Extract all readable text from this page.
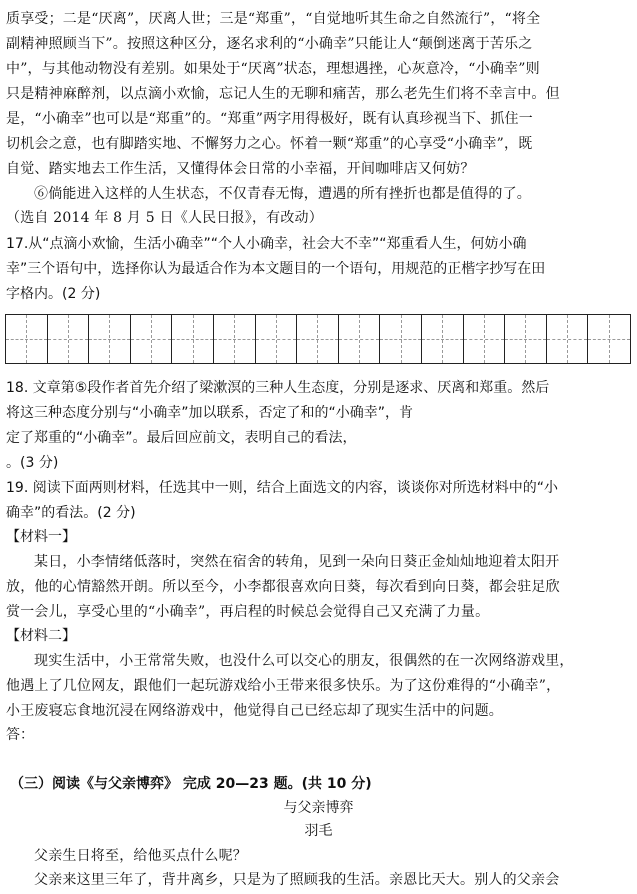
质享受；二是“厌离”，厌离人世；三是“郑重”，“自觉地听其生命之自然流行”，“将全
副精神照顾当下”。按照这种区分，逐名求利的“小确幸”只能让人“颠倒迷离于苦乐之
中”，与其他动物没有差别。如果处于“厌离”状态，理想遇挫，心灰意冷，“小确幸”则
只是精神麻醉剂，以点滴小欢愉，忘记人生的无聊和痛苦，那么老先生们将不幸言中。但
是，“小确幸”也可以是“郑重”的。“郑重”两字用得极好，既有认真珍视当下、抓住一
切机会之意，也有脚踏实地、不懈努力之心。怀着一颗“郑重”的心享受“小确幸”，既
自觉、踏实地去工作生活，又懂得体会日常的小幸福，开间咖啡店又何妨？
⑥倘能进入这样的人生状态，不仅青春无悔，遭遇的所有挫折也都是值得的了。
（选自 2014 年 8 月 5 日《人民日报》，有改动）
17.从“点滴小欢愉，生活小确幸”“个人小确幸，社会大不幸”“郑重看人生，何妨小确
幸”三个语句中，选择你认为最适合作为本文题目的一个语句，用规范的正楷字抄写在田
字格内。(2 分)
18. 文章第⑤段作者首先介绍了梁漱溟的三种人生态度，分别是逐求、厌离和郑重。然后
将这三种态度分别与“小确幸”加以联系，否定了和的“小确幸”，肯
定了郑重的“小确幸”。最后回应前文，表明自己的看法，
。(3 分)
19. 阅读下面两则材料，任选其中一则，结合上面选文的内容，谈谈你对所选材料中的“小
确幸”的看法。(2 分)
【材料一】
某日，小李情绪低落时，突然在宿舍的转角，见到一朵向日葵正金灿灿地迎着太阳开
放，他的心情豁然开朗。所以至今，小李都很喜欢向日葵，每次看到向日葵，都会驻足欣
赏一会儿，享受心里的“小确幸”，再启程的时候总会觉得自己又充满了力量。
【材料二】
现实生活中，小王常常失败，也没什么可以交心的朋友，很偶然的在一次网络游戏里，
他遇上了几位网友，跟他们一起玩游戏给小王带来很多快乐。为了这份难得的“小确幸”，
小王废寝忘食地沉浸在网络游戏中，他觉得自己已经忘却了现实生活中的问题。
答：
（三）阅读《与父亲博弈》 完成 20—23 题。(共 10 分)
与父亲博弈
羽毛
父亲生日将至，给他买点什么呢？
父亲来这里三年了，背井离乡，只是为了照顾我的生活。亲恩比天大。别人的父亲会
